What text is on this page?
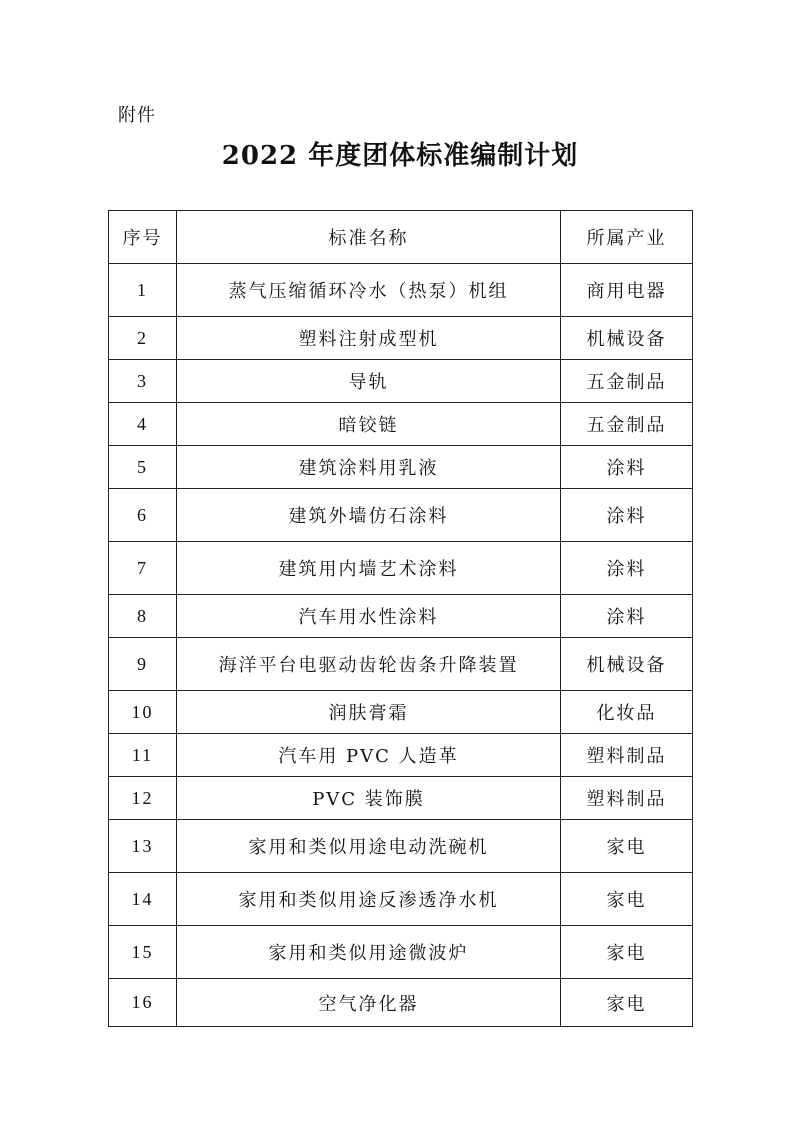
附件
2022 年度团体标准编制计划
序号	标准名称	所属产业
1	蒸气压缩循环冷水（热泵）机组	商用电器
2	塑料注射成型机	机械设备
3	导轨	五金制品
4	暗铰链	五金制品
5	建筑涂料用乳液	涂料
6	建筑外墙仿石涂料	涂料
7	建筑用内墙艺术涂料	涂料
8	汽车用水性涂料	涂料
9	海洋平台电驱动齿轮齿条升降装置	机械设备
10	润肤膏霜	化妆品
11	汽车用 PVC 人造革	塑料制品
12	PVC 装饰膜	塑料制品
13	家用和类似用途电动洗碗机	家电
14	家用和类似用途反渗透净水机	家电
15	家用和类似用途微波炉	家电
16	空气净化器	家电
